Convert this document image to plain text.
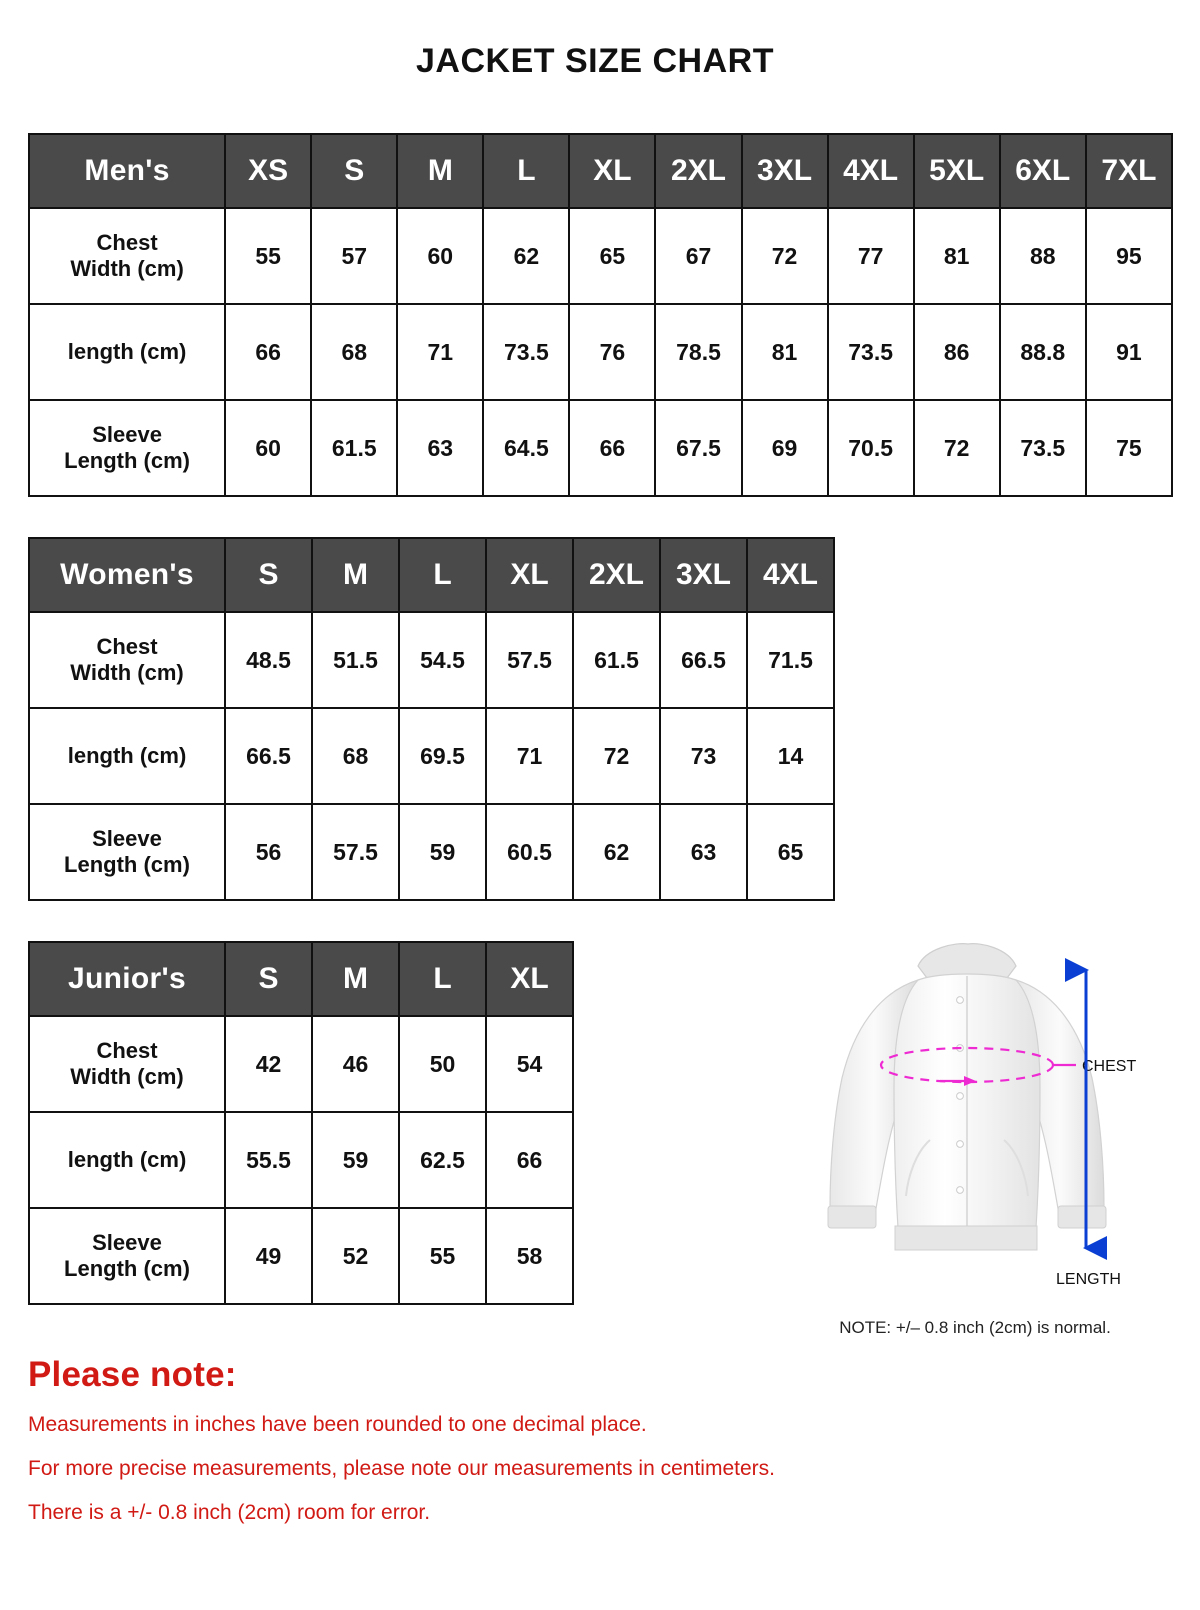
JACKET SIZE CHART
Men's	XS	S	M	L	XL	2XL	3XL	4XL	5XL	6XL	7XL

Chest
Width (cm)	55	57	60	62	65	67	72	77	81	88	95

length (cm)	66	68	71	73.5	76	78.5	81	73.5	86	88.8	91

Sleeve
Length (cm)	60	61.5	63	64.5	66	67.5	69	70.5	72	73.5	75
Women's	S	M	L	XL	2XL	3XL	4XL

Chest
Width (cm)	48.5	51.5	54.5	57.5	61.5	66.5	71.5

length (cm)	66.5	68	69.5	71	72	73	14

Sleeve
Length (cm)	56	57.5	59	60.5	62	63	65
Junior's	S	M	L	XL

Chest
Width (cm)	42	46	50	54

length (cm)	55.5	59	62.5	66

Sleeve
Length (cm)	49	52	55	58
CHEST
LENGTH
NOTE: +/– 0.8 inch (2cm) is normal.
Please note:

Measurements in inches have been rounded to one decimal place.

For more precise measurements, please note our measurements in centimeters.

There is a +/- 0.8 inch (2cm) room for error.
